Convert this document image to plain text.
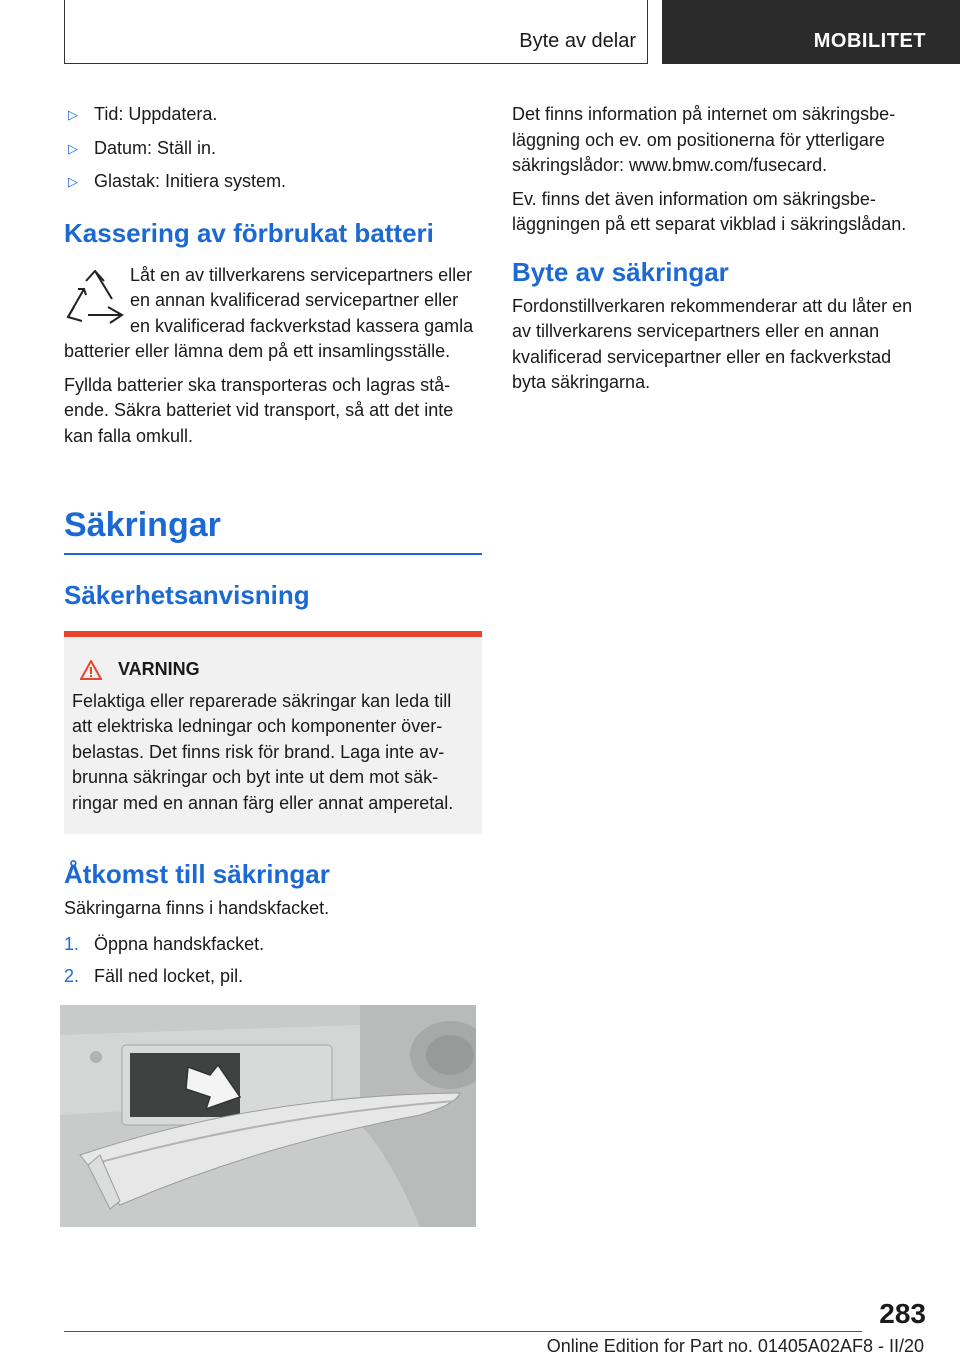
Byte av delar	MOBILITET
▷ Tid: Uppdatera.
▷ Datum: Ställ in.
▷ Glastak: Initiera system.
Kassering av förbrukat batteri

Låt en av tillverkarens servicepartners eller en annan kvalificerad servicepartner eller en kvalificerad fackverkstad kassera gamla batterier eller lämna dem på ett insamlingsställe.

Fyllda batterier ska transporteras och lagras stående. Säkra batteriet vid transport, så att det inte kan falla omkull.

Säkringar
Säkerhetsanvisning
VARNING
Felaktiga eller reparerade säkringar kan leda till att elektriska ledningar och komponenter överbelastas. Det finns risk för brand. Laga inte avbrunna säkringar och byt inte ut dem mot säkringar med en annan färg eller annat amperetal.
Åtkomst till säkringar

Säkringarna finns i handskfacket.

1. Öppna handskfacket.
2. Fäll ned locket, pil.

Det finns information på internet om säkringsbeläggning och ev. om positionerna för ytterligare säkringslådor: www.bmw.com/fusecard.

Ev. finns det även information om säkringsbeläggningen på ett separat vikblad i säkringslådan.

Byte av säkringar

Fordonstillverkaren rekommenderar att du låter en av tillverkarens servicepartners eller en annan kvalificerad servicepartner eller en fackverkstad byta säkringarna.

283
Online Edition for Part no. 01405A02AF8 - II/20
